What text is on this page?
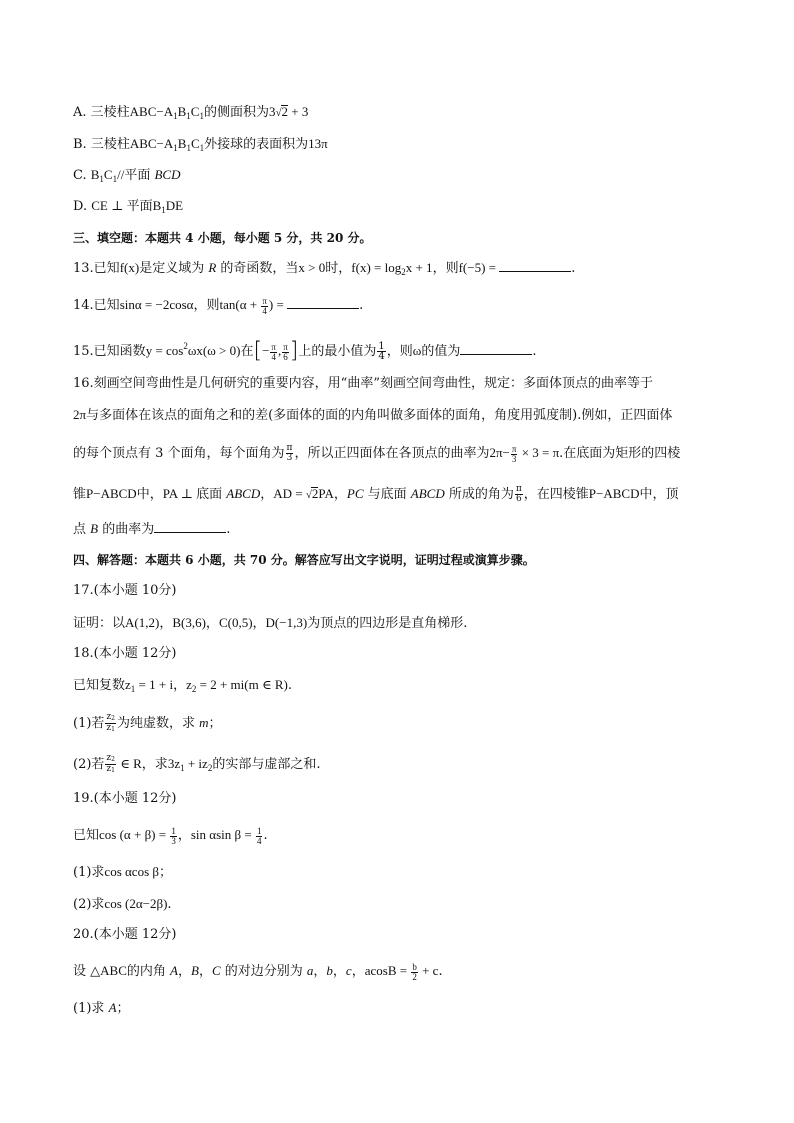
A. 三棱柱$ABC-A_1B_1C_1$的侧面积为3√2 + 3
B. 三棱柱$ABC-A_1B_1C_1$外接球的表面积为13π
C. $B_1C_1//$平面 BCD
D. CE ⊥ 平面$B_1DE$
三、填空题：本题共 4 小题，每小题 5 分，共 20 分。
13.已知f(x)是定义域为 R 的奇函数，当x > 0时，$f(x) = \log_2x + 1$，则f(−5) =	.
14.已知sinα = −2cosα，则$\tan(\alpha + \frac{\pi}{4}$ ) =	.
15.已知函数$y = \cos^2\omega x(\omega > 0)$在[− $\frac{\pi}{4}$ , $\frac{\pi}{6}$ ]上的最小值为 $\frac{1}{4}$ ，则ω的值为	.
16.刻画空间弯曲性是几何研究的重要内容，用“曲率”刻画空间弯曲性，规定：多面体顶点的曲率等于
2π与多面体在该点的面角之和的差(多面体的面的内角叫做多面体的面角，角度用弧度制).例如，正四面体
的每个顶点有 3 个面角，每个面角为 $\frac{\pi}{3}$ ，所以正四面体在各顶点的曲率为$2\pi- \frac{\pi}{3} \times 3 = \pi$.在底面为矩形的四棱
锥P−ABCD中，PA ⊥ 底面 ABCD，AD = √2PA，PC 与底面 ABCD 所成的角为 $\frac{\pi}{6}$ ，在四棱锥P−ABCD中，顶
点 B 的曲率为	.
四、解答题：本题共 6 小题，共 70 分。解答应写出文字说明，证明过程或演算步骤。
17.(本小题 10分)
证明：以A(1,2)，B(3,6)，C(0,5)，D(−1,3)为顶点的四边形是直角梯形.
18.(本小题 12分)
已知复数$z_1 = 1 + i$，$z_2 = 2 + mi(m$ ∈ R).
(1)若 $\frac{z_2}{z_1}$ 为纯虚数，求 m；
(2)若 $\frac{z_2}{z_1}$ ∈ R，求$3z_1 + iz_2$的实部与虚部之和.
19.(本小题 12分)
已知$\cos (\alpha + \beta) = \frac{1}{3}$ ，sin αsin $\beta = \frac{1}{4}$ .
(1)求cos αcos β；
(2)求cos (2α−2β).
20.(本小题 12分)
设 △ABC的内角 A，B，C 的对边分别为 a，b，c，$acosB = \frac{b}{2} + c$.
(1)求 A；
